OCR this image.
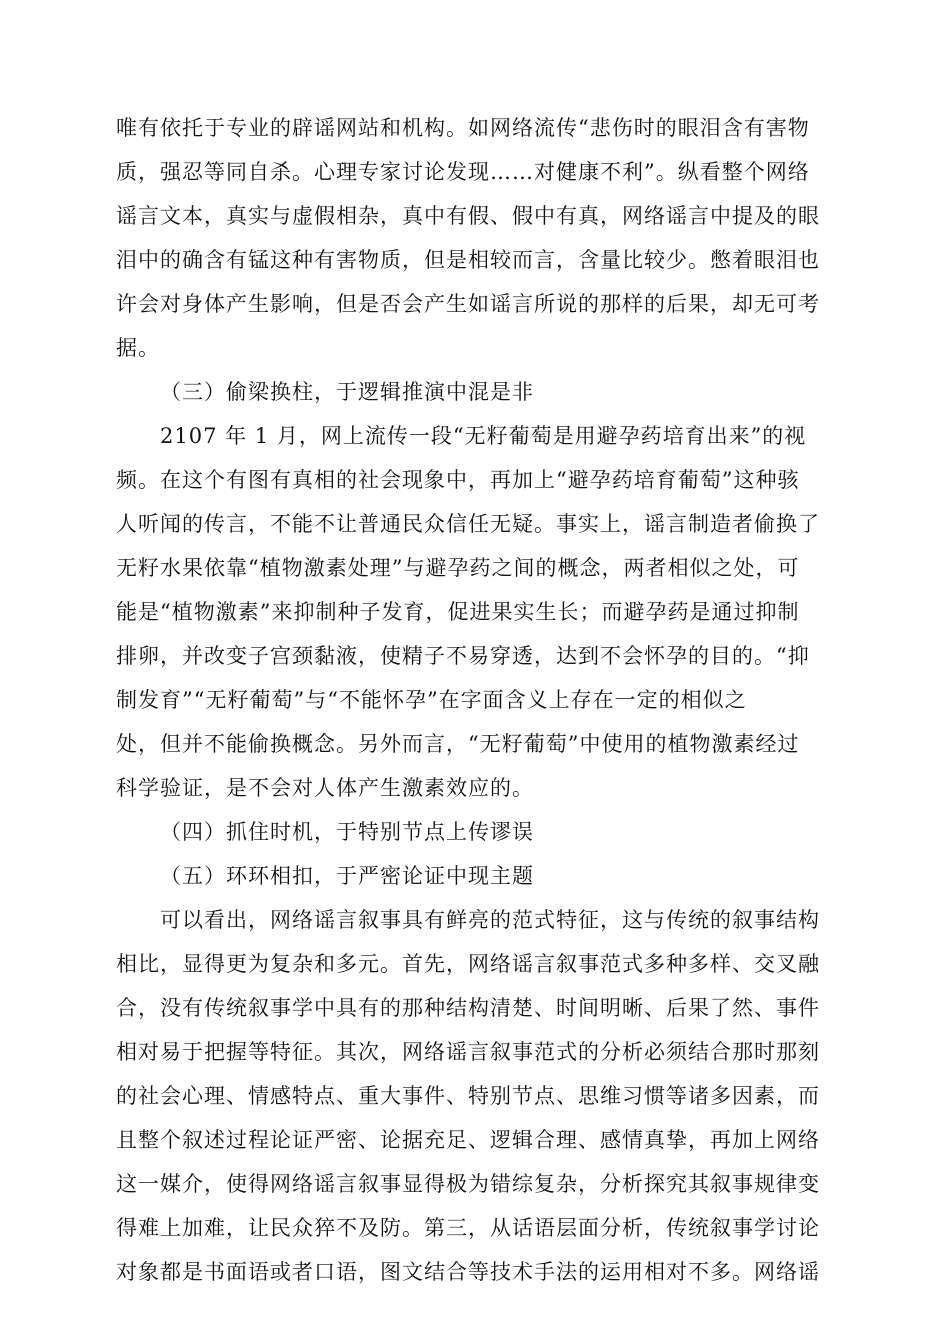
唯有依托于专业的辟谣网站和机构。如网络流传“悲伤时的眼泪含有害物
质，强忍等同自杀。心理专家讨论发现……对健康不利”。纵看整个网络
谣言文本，真实与虚假相杂，真中有假、假中有真，网络谣言中提及的眼
泪中的确含有锰这种有害物质，但是相较而言，含量比较少。憋着眼泪也
许会对身体产生影响，但是否会产生如谣言所说的那样的后果，却无可考
据。
（三）偷梁换柱，于逻辑推演中混是非
2107 年 1 月，网上流传一段“无籽葡萄是用避孕药培育出来”的视
频。在这个有图有真相的社会现象中，再加上“避孕药培育葡萄”这种骇
人听闻的传言，不能不让普通民众信任无疑。事实上，谣言制造者偷换了
无籽水果依靠“植物激素处理”与避孕药之间的概念，两者相似之处，可
能是“植物激素”来抑制种子发育，促进果实生长；而避孕药是通过抑制
排卵，并改变子宫颈黏液，使精子不易穿透，达到不会怀孕的目的。“抑
制发育”“无籽葡萄”与“不能怀孕”在字面含义上存在一定的相似之
处，但并不能偷换概念。另外而言，“无籽葡萄”中使用的植物激素经过
科学验证，是不会对人体产生激素效应的。
（四）抓住时机，于特别节点上传谬误
（五）环环相扣，于严密论证中现主题
可以看出，网络谣言叙事具有鲜亮的范式特征，这与传统的叙事结构
相比，显得更为复杂和多元。首先，网络谣言叙事范式多种多样、交叉融
合，没有传统叙事学中具有的那种结构清楚、时间明晰、后果了然、事件
相对易于把握等特征。其次，网络谣言叙事范式的分析必须结合那时那刻
的社会心理、情感特点、重大事件、特别节点、思维习惯等诸多因素，而
且整个叙述过程论证严密、论据充足、逻辑合理、感情真挚，再加上网络
这一媒介，使得网络谣言叙事显得极为错综复杂，分析探究其叙事规律变
得难上加难，让民众猝不及防。第三，从话语层面分析，传统叙事学讨论
对象都是书面语或者口语，图文结合等技术手法的运用相对不多。网络谣
